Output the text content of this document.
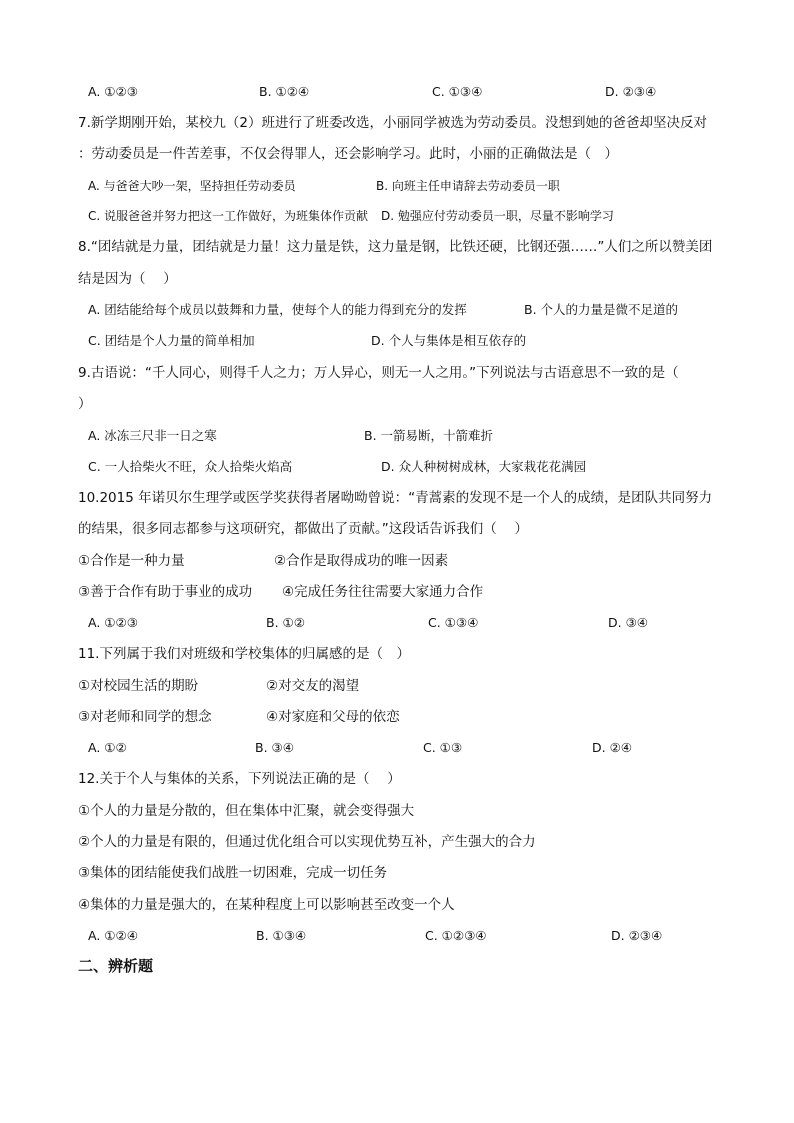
A. ①②③	B. ①②④	C. ①③④	D. ②③④
7.新学期刚开始，某校九（2）班进行了班委改选，小丽同学被选为劳动委员。没想到她的爸爸却坚决反对
：劳动委员是一件苦差事，不仅会得罪人，还会影响学习。此时，小丽的正确做法是（　）
A. 与爸爸大吵一架，坚持担任劳动委员	B. 向班主任申请辞去劳动委员一职
C. 说服爸爸并努力把这一工作做好，为班集体作贡献 D. 勉强应付劳动委员一职，尽量不影响学习
8.“团结就是力量，团结就是力量！这力量是铁，这力量是钢，比铁还硬，比钢还强……”人们之所以赞美团
结是因为（　 ）
A. 团结能给每个成员以鼓舞和力量，使每个人的能力得到充分的发挥	B. 个人的力量是微不足道的
C. 团结是个人力量的简单相加	D. 个人与集体是相互依存的
9.古语说：“千人同心，则得千人之力；万人异心，则无一人之用。”下列说法与古语意思不一致的是（
）
A. 冰冻三尺非一日之寒	B. 一箭易断，十箭难折
C. 一人拾柴火不旺，众人拾柴火焰高	D. 众人种树树成林，大家栽花花满园
10.2015 年诺贝尔生理学或医学奖获得者屠呦呦曾说：“青蒿素的发现不是一个人的成绩，是团队共同努力
的结果，很多同志都参与这项研究，都做出了贡献。”这段话告诉我们（　 ）
①合作是一种力量	②合作是取得成功的唯一因素
③善于合作有助于事业的成功 ④完成任务往往需要大家通力合作
A. ①②③	B. ①②	C. ①③④	D. ③④
11.下列属于我们对班级和学校集体的归属感的是（　）
①对校园生活的期盼	②对交友的渴望
③对老师和同学的想念	④对家庭和父母的依恋
A. ①②	B. ③④	C. ①③	D. ②④
12.关于个人与集体的关系，下列说法正确的是（　 ）
①个人的力量是分散的，但在集体中汇聚，就会变得强大
②个人的力量是有限的，但通过优化组合可以实现优势互补，产生强大的合力
③集体的团结能使我们战胜一切困难，完成一切任务
④集体的力量是强大的，在某种程度上可以影响甚至改变一个人
A. ①②④	B. ①③④	C. ①②③④	D. ②③④
二、辨析题
